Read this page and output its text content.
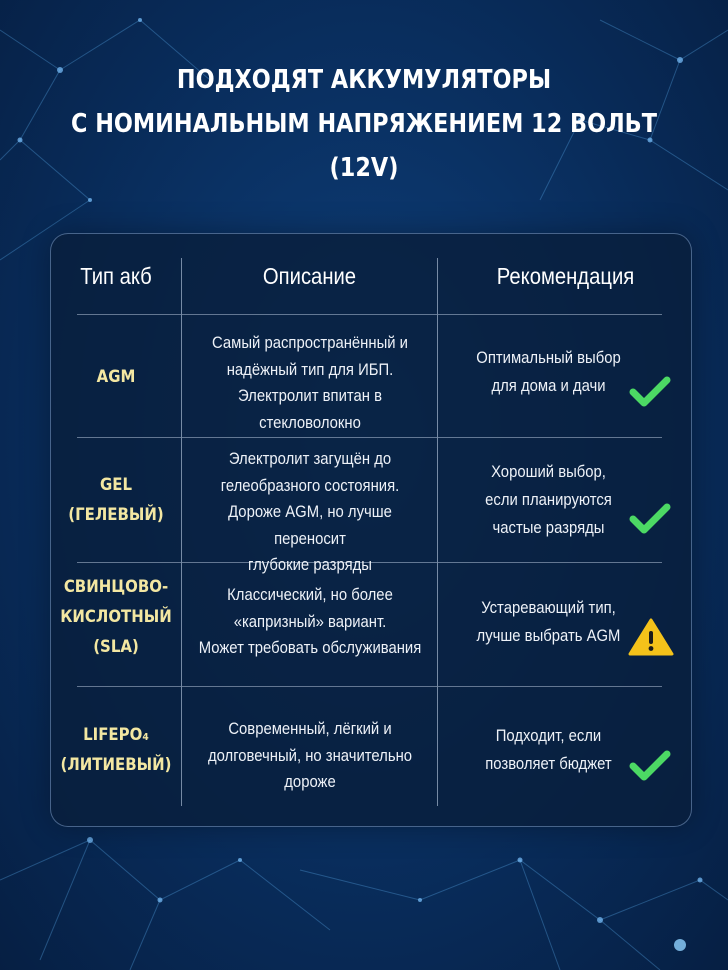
ПОДХОДЯТ АККУМУЛЯТОРЫ
С НОМИНАЛЬНЫМ НАПРЯЖЕНИЕМ 12 ВОЛЬТ (12V)
Тип акб	Описание	Рекомендация
AGM
Самый распространённый и
надёжный тип для ИБП.
Электролит впитан в стекловолокно
Оптимальный выбор
для дома и дачи
GEL
(ГЕЛЕВЫЙ)
Электролит загущён до
гелеобразного состояния.
Дороже AGM, но лучше переносит
глубокие разряды
Хороший выбор,
если планируются
частые разряды
СВИНЦОВО-
КИСЛОТНЫЙ
(SLA)
Классический, но более
«капризный» вариант.
Может требовать обслуживания
Устаревающий тип,
лучше выбрать AGM
LIFEPO₄
(ЛИТИЕВЫЙ)
Современный, лёгкий и
долговечный, но значительно
дороже
Подходит, если
позволяет бюджет
